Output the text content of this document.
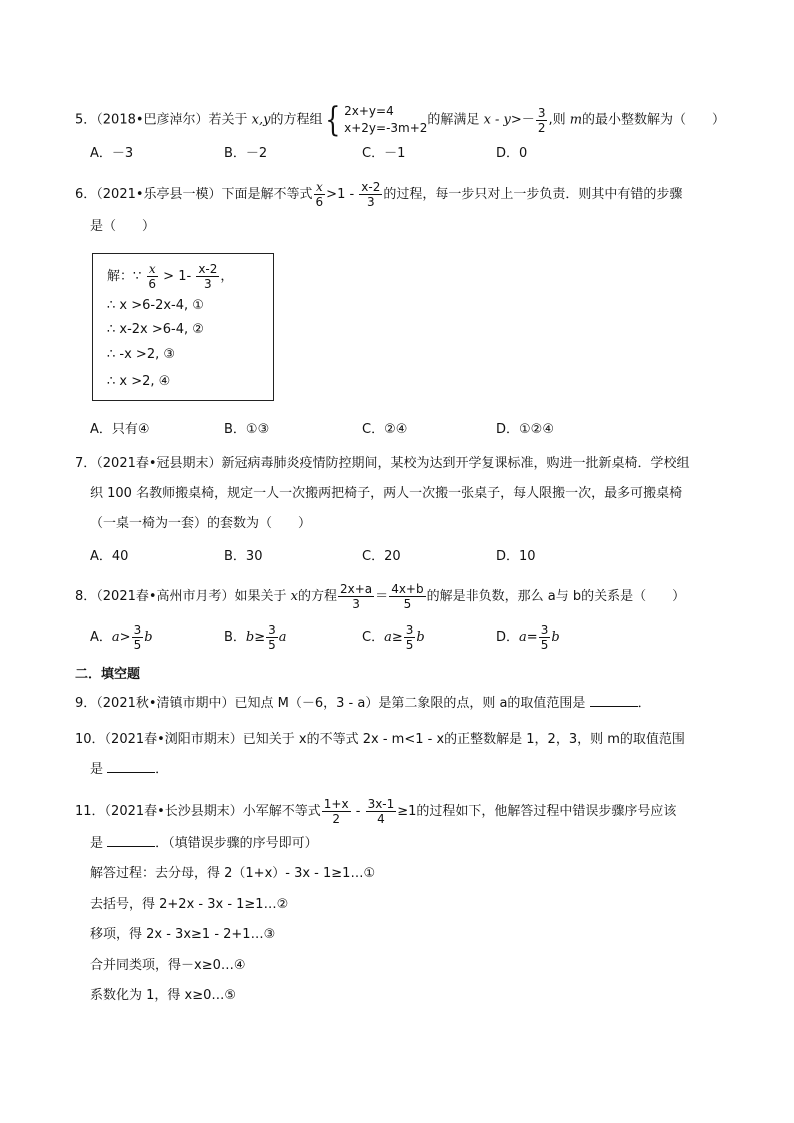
5．（2018•巴彦淖尔）若关于 x,y的方程组 { 2x+y=4
x+2y=-3m+2
的解满足 $x - y>- \frac{3}{2}$ ,则 m的最小整数解为（　　）
A．－3	B．－2	C．－1	D．0
6．（2021•乐亭县一模）下面是解不等式 $\frac{x}{6} >1 - \frac{x-2}{3}$ 的过程，每一步只对上一步负责．则其中有错的步骤
是（　　）
解：∵ $\frac{x}{6} > 1- \frac{x-2}{3}$ ，
∴ x >6-2x-4, ①
∴ x-2x >6-4, ②
∴ -x >2, ③
∴ x >2, ④
A．只有④	B．①③	C．②④	D．①②④
7．（2021春•冠县期末）新冠病毒肺炎疫情防控期间，某校为达到开学复课标准，购进一批新桌椅．学校组
织 100 名教师搬桌椅，规定一人一次搬两把椅子，两人一次搬一张桌子，每人限搬一次，最多可搬桌椅
（一桌一椅为一套）的套数为（　　）
A．40	B．30	C．20	D．10
8．（2021春•高州市月考）如果关于 x的方程 $\frac{2x+a}{3} = \frac{4x+b}{5}$ 的解是非负数，那么 a与 b的关系是（　　）
A．$a> \frac{3}{5}$ b	B．$b\ge \frac{3}{5}$ a	C．$a\ge \frac{3}{5}$ b	D．$a= \frac{3}{5}$ b
二．填空题
9．（2021秋•清镇市期中）已知点 M（－6，3 - a）是第二象限的点，则 a的取值范围是	．
10．（2021春•浏阳市期末）已知关于 x的不等式 2x - m<1 - x的正整数解是 1，2，3，则 m的取值范围
是	．
11．（2021春•长沙县期末）小军解不等式 $\frac{1+x}{2} - \frac{3x-1}{4} \ge 1$的过程如下，他解答过程中错误步骤序号应该
是	．（填错误步骤的序号即可）
解答过程：去分母，得 2（1+x）- 3x - 1≥1…①
去括号，得 2+2x - 3x - 1≥1…②
移项，得 2x - 3x≥1 - 2+1…③
合并同类项，得－x≥0…④
系数化为 1，得 x≥0…⑤
